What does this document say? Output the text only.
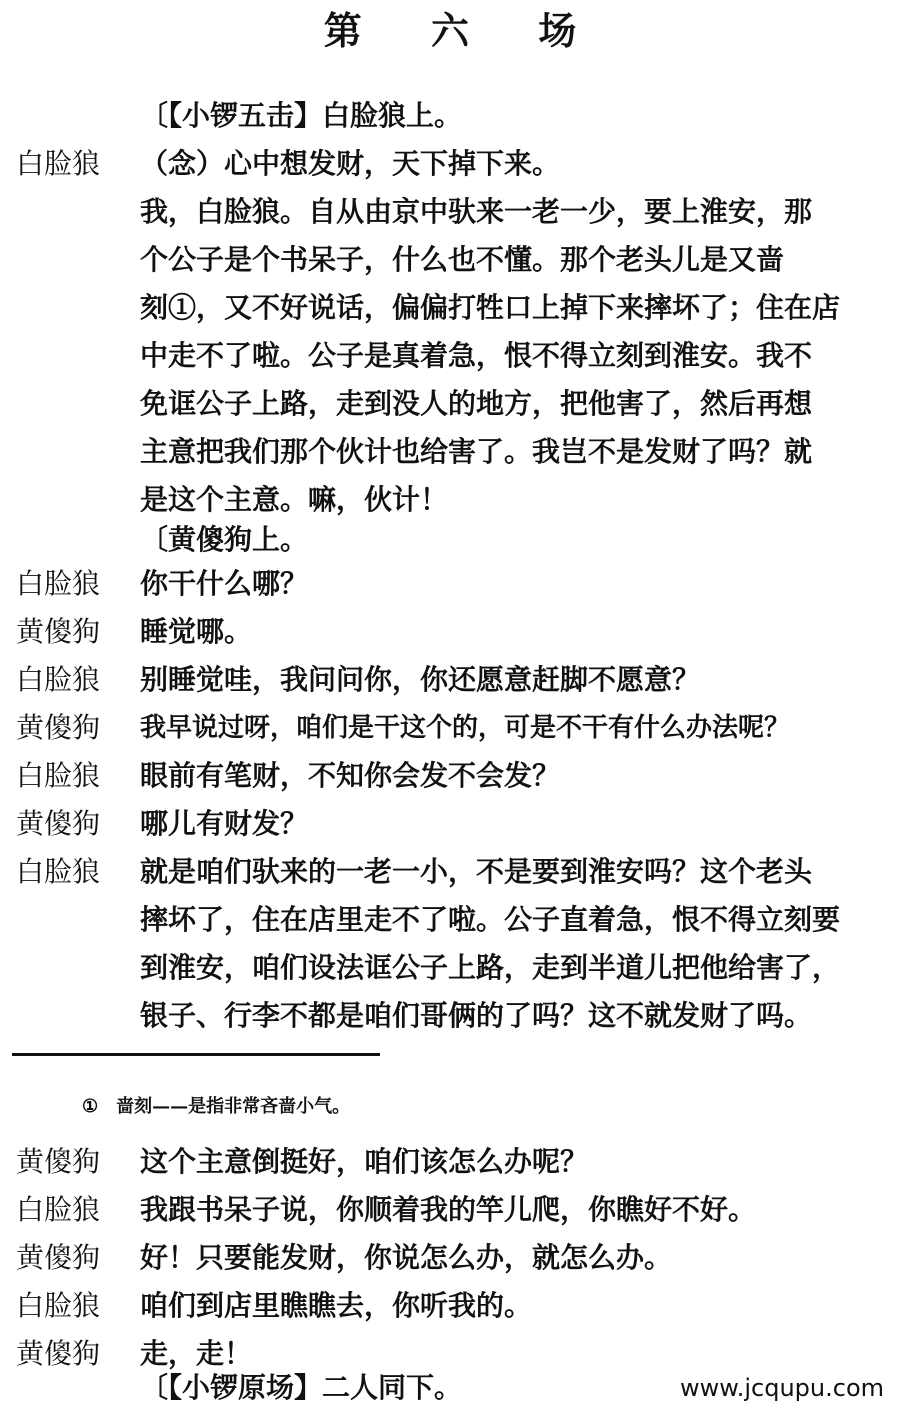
第 六 场
〔【小锣五击】白脸狼上。
白脸狼	（念）心中想发财，天下掉下来。
我，白脸狼。自从由京中驮来一老一少，要上淮安，那
个公子是个书呆子，什么也不懂。那个老头儿是又啬
刻①，又不好说话，偏偏打牲口上掉下来摔坏了；住在店
中走不了啦。公子是真着急，恨不得立刻到淮安。我不
免诓公子上路，走到没人的地方，把他害了，然后再想
主意把我们那个伙计也给害了。我岂不是发财了吗？就
是这个主意。嘛，伙计！
〔黄傻狗上。
白脸狼	你干什么哪？
黄傻狗	睡觉哪。
白脸狼	别睡觉哇，我问问你，你还愿意赶脚不愿意？
黄傻狗	我早说过呀，咱们是干这个的，可是不干有什么办法呢？
白脸狼	眼前有笔财，不知你会发不会发？
黄傻狗	哪儿有财发？
白脸狼	就是咱们驮来的一老一小，不是要到淮安吗？这个老头
摔坏了，住在店里走不了啦。公子直着急，恨不得立刻要
到淮安，咱们设法诓公子上路，走到半道儿把他给害了，
银子、行李不都是咱们哥俩的了吗？这不就发财了吗。
① 啬刻——是指非常吝啬小气。
黄傻狗	这个主意倒挺好，咱们该怎么办呢？
白脸狼	我跟书呆子说，你顺着我的竿儿爬，你瞧好不好。
黄傻狗	好！只要能发财，你说怎么办，就怎么办。
白脸狼	咱们到店里瞧瞧去，你听我的。
黄傻狗	走，走！
〔【小锣原场】二人同下。	www.jcqupu.com
